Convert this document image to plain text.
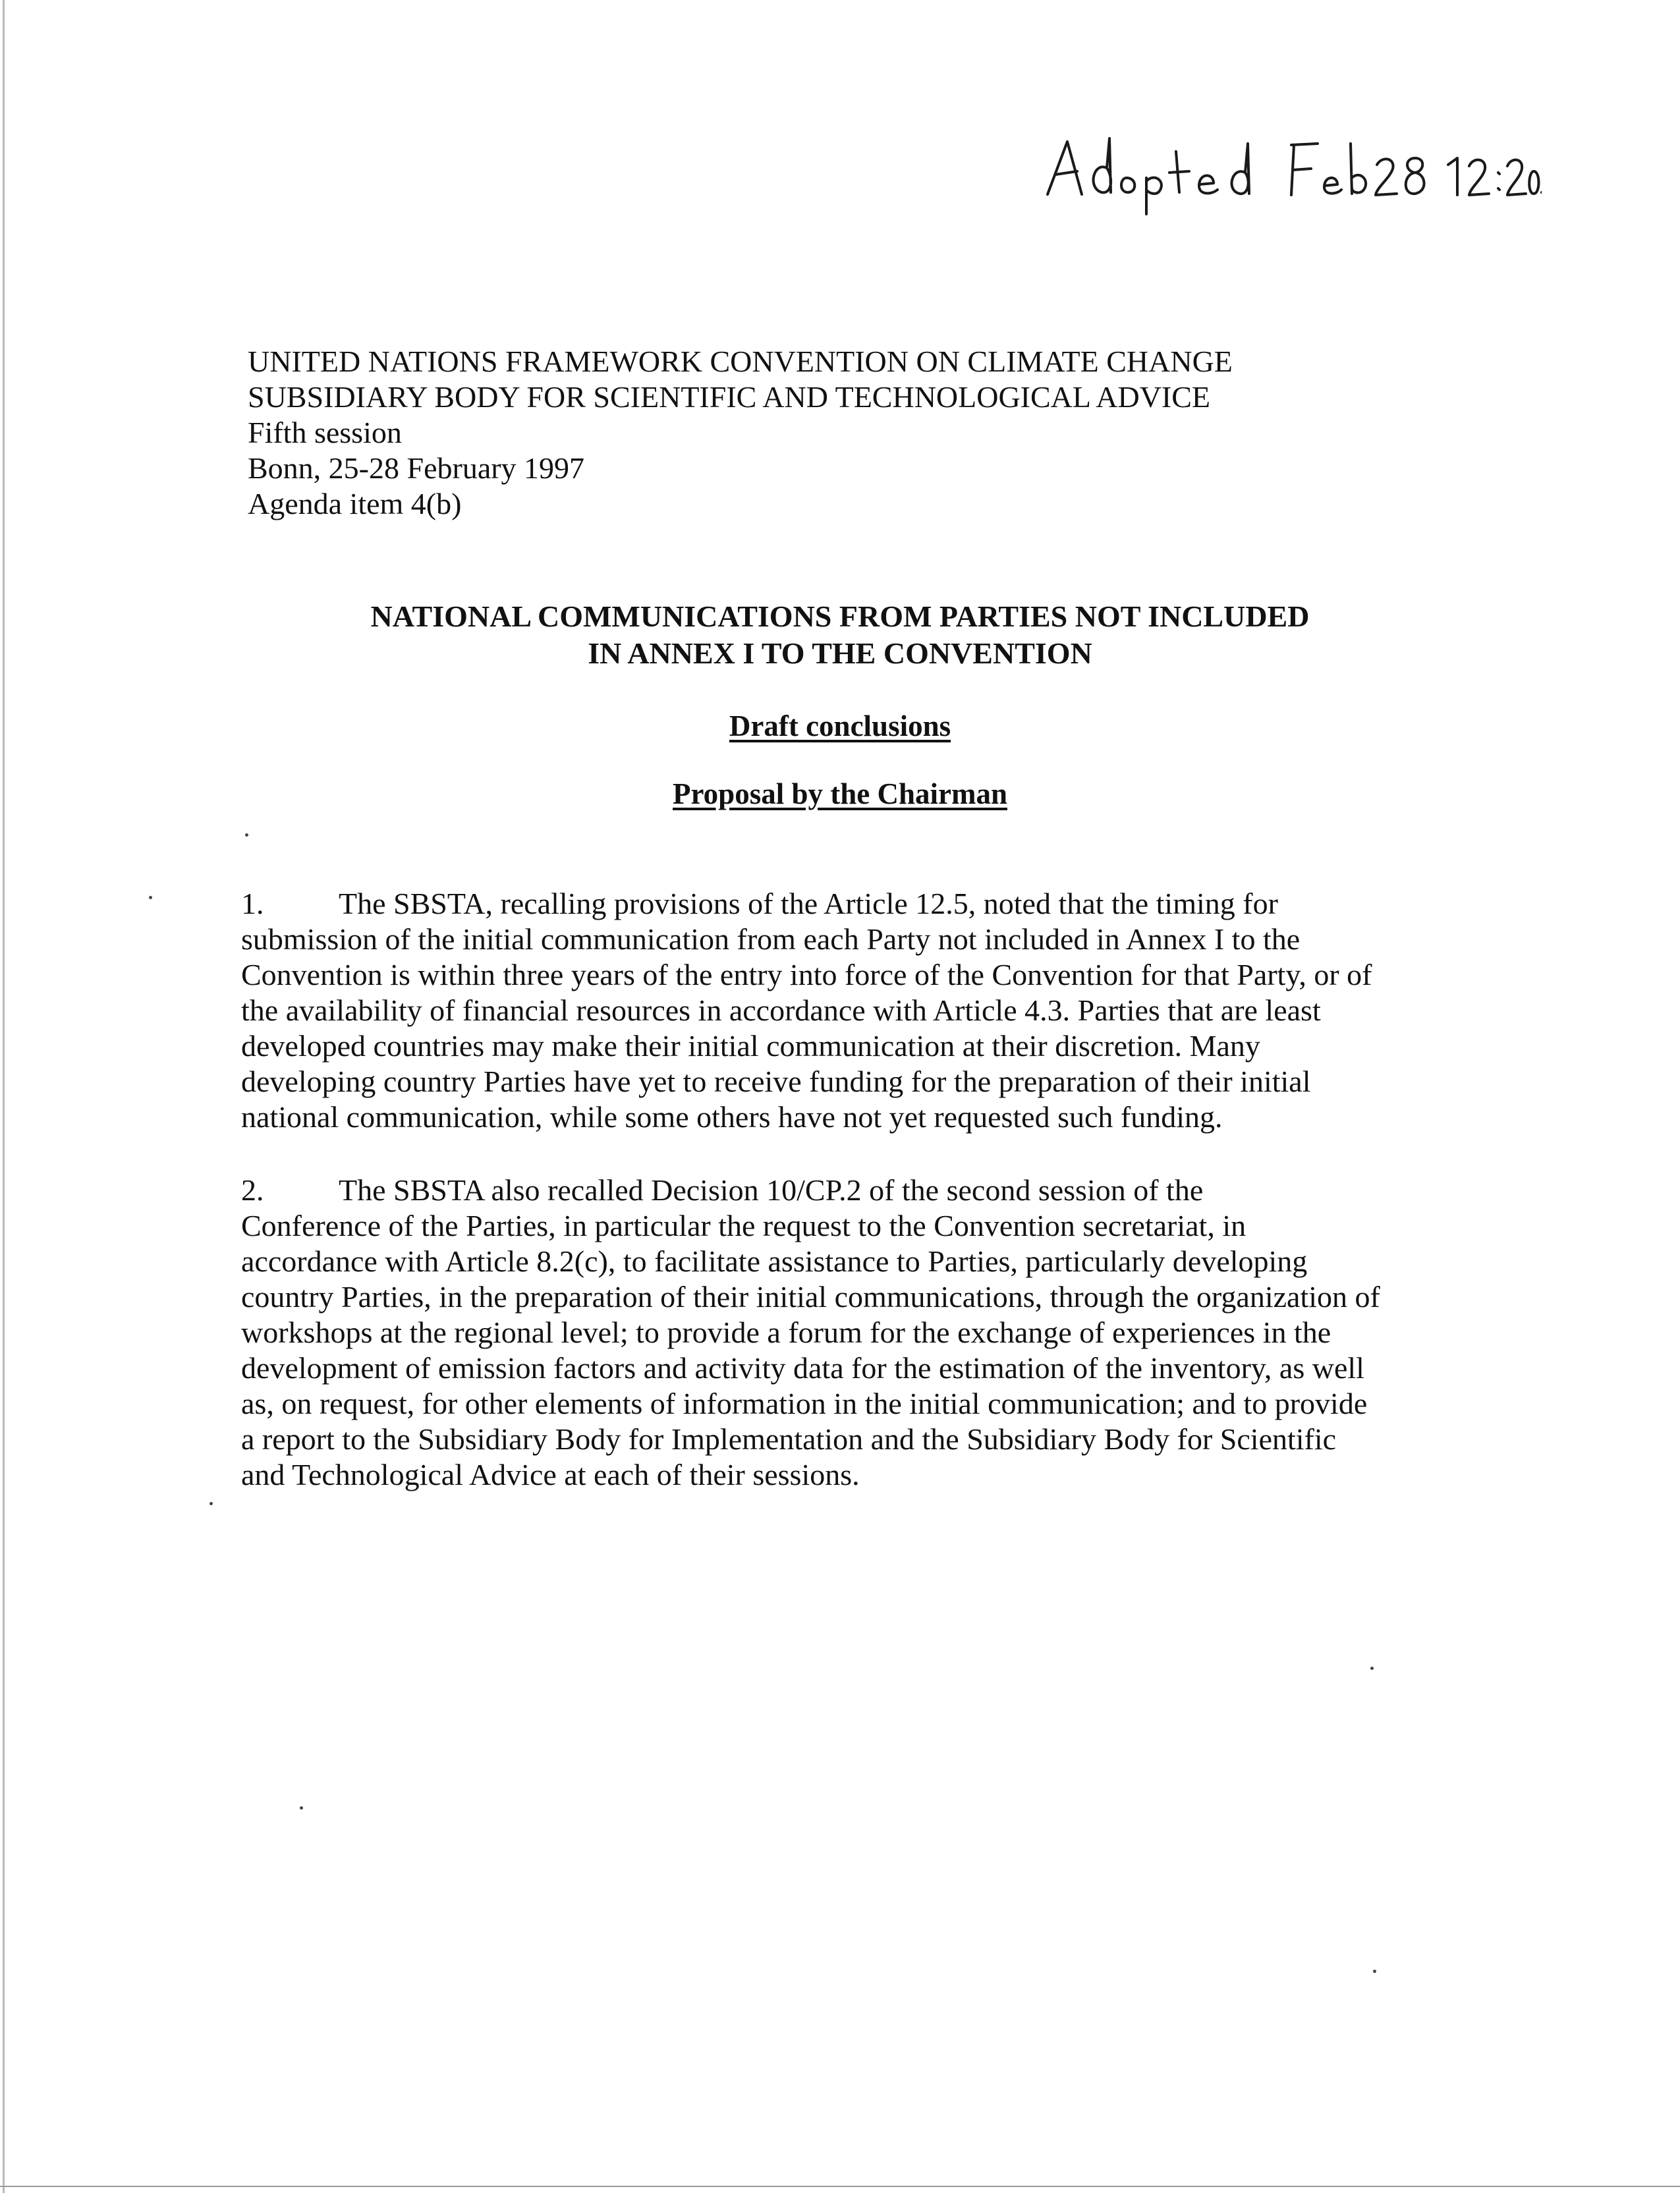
UNITED NATIONS FRAMEWORK CONVENTION ON CLIMATE CHANGE
SUBSIDIARY BODY FOR SCIENTIFIC AND TECHNOLOGICAL ADVICE
Fifth session
Bonn, 25-28 February 1997
Agenda item 4(b)
NATIONAL COMMUNICATIONS FROM PARTIES NOT INCLUDED
IN ANNEX I TO THE CONVENTION
Draft conclusions
Proposal by the Chairman
1. The SBSTA, recalling provisions of the Article 12.5, noted that the timing for
submission of the initial communication from each Party not included in Annex I to the
Convention is within three years of the entry into force of the Convention for that Party, or of
the availability of financial resources in accordance with Article 4.3. Parties that are least
developed countries may make their initial communication at their discretion. Many
developing country Parties have yet to receive funding for the preparation of their initial
national communication, while some others have not yet requested such funding.
2. The SBSTA also recalled Decision 10/CP.2 of the second session of the
Conference of the Parties, in particular the request to the Convention secretariat, in
accordance with Article 8.2(c), to facilitate assistance to Parties, particularly developing
country Parties, in the preparation of their initial communications, through the organization of
workshops at the regional level; to provide a forum for the exchange of experiences in the
development of emission factors and activity data for the estimation of the inventory, as well
as, on request, for other elements of information in the initial communication; and to provide
a report to the Subsidiary Body for Implementation and the Subsidiary Body for Scientific
and Technological Advice at each of their sessions.
